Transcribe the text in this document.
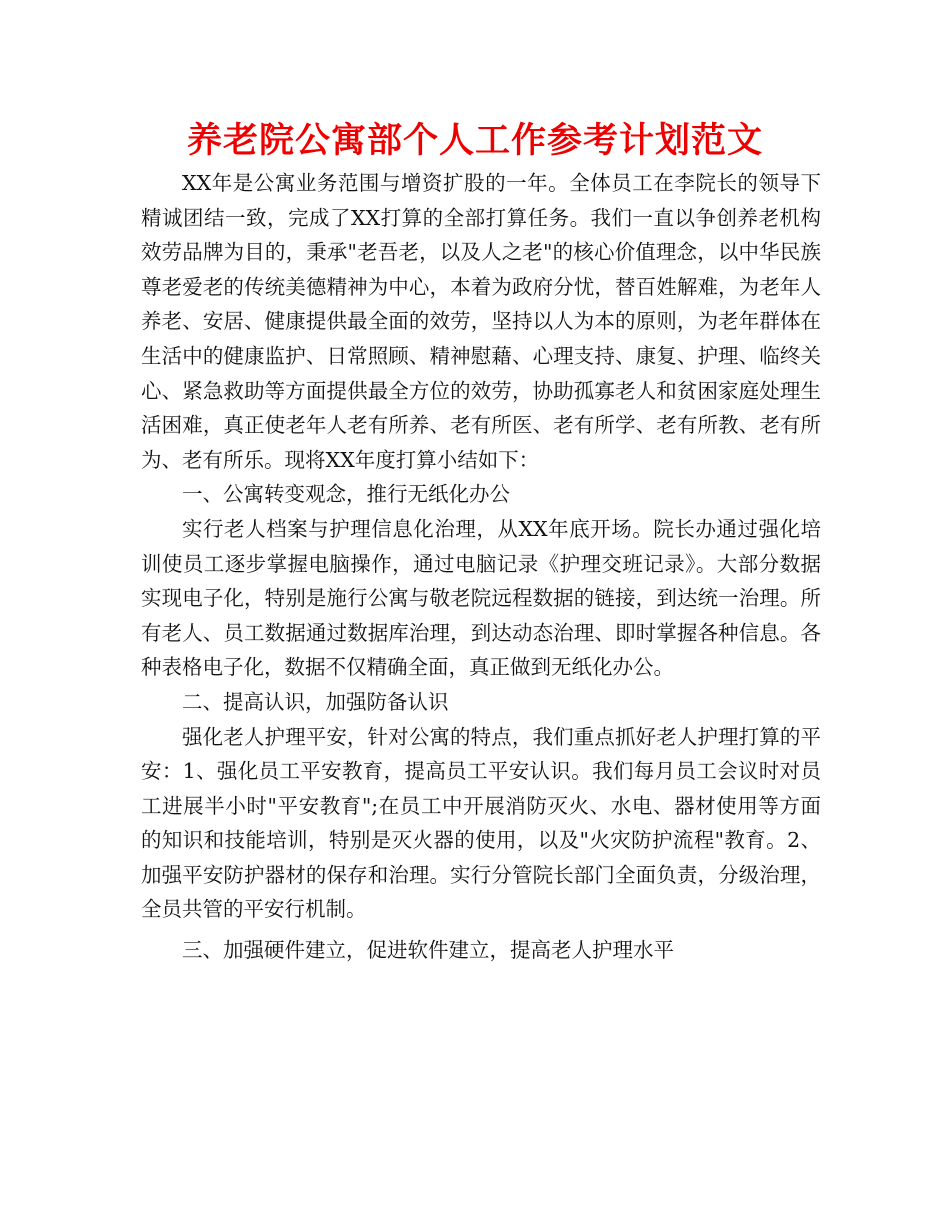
养老院公寓部个人工作参考计划范文

XX年是公寓业务范围与增资扩股的一年。全体员工在李院长的领导下精诚团结一致，完成了XX打算的全部打算任务。我们一直以争创养老机构效劳品牌为目的，秉承"老吾老，以及人之老"的核心价值理念，以中华民族尊老爱老的传统美德精神为中心，本着为政府分忧，替百姓解难，为老年人养老、安居、健康提供最全面的效劳，坚持以人为本的原则，为老年群体在生活中的健康监护、日常照顾、精神慰藉、心理支持、康复、护理、临终关心、紧急救助等方面提供最全方位的效劳，协助孤寡老人和贫困家庭处理生活困难，真正使老年人老有所养、老有所医、老有所学、老有所教、老有所为、老有所乐。现将XX年度打算小结如下：

一、公寓转变观念，推行无纸化办公

实行老人档案与护理信息化治理，从XX年底开场。院长办通过强化培训使员工逐步掌握电脑操作，通过电脑记录《护理交班记录》。大部分数据实现电子化，特别是施行公寓与敬老院远程数据的链接，到达统一治理。所有老人、员工数据通过数据库治理，到达动态治理、即时掌握各种信息。各种表格电子化，数据不仅精确全面，真正做到无纸化办公。

二、提高认识，加强防备认识

强化老人护理平安，针对公寓的特点，我们重点抓好老人护理打算的平安：1、强化员工平安教育，提高员工平安认识。我们每月员工会议时对员工进展半小时"平安教育";在员工中开展消防灭火、水电、器材使用等方面的知识和技能培训，特别是灭火器的使用，以及"火灾防护流程"教育。2、加强平安防护器材的保存和治理。实行分管院长部门全面负责，分级治理，全员共管的平安行机制。

三、加强硬件建立，促进软件建立，提高老人护理水平
